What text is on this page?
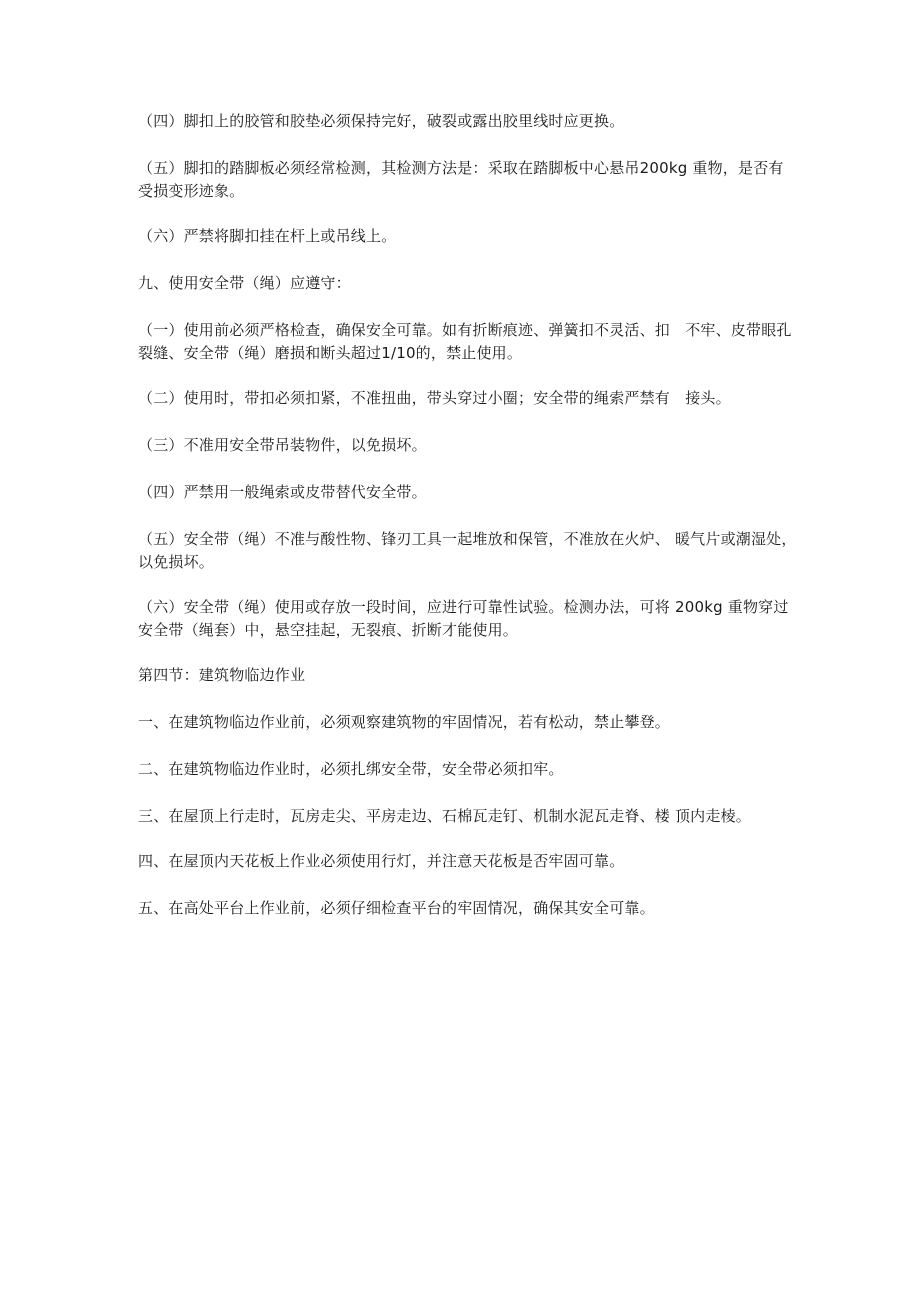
（四）脚扣上的胶管和胶垫必须保持完好，破裂或露出胶里线时应更换。

（五）脚扣的踏脚板必须经常检测，其检测方法是：采取在踏脚板中心悬吊200kg 重物，是否有受损变形迹象。

（六）严禁将脚扣挂在杆上或吊线上。

九、使用安全带（绳）应遵守：

（一）使用前必须严格检查，确保安全可靠。如有折断痕迹、弹簧扣不灵活、扣　不牢、皮带眼孔裂缝、安全带（绳）磨损和断头超过1/10的，禁止使用。

（二）使用时，带扣必须扣紧，不准扭曲，带头穿过小圈；安全带的绳索严禁有　接头。

（三）不准用安全带吊装物件，以免损坏。

（四）严禁用一般绳索或皮带替代安全带。

（五）安全带（绳）不准与酸性物、锋刃工具一起堆放和保管，不准放在火炉、 暖气片或潮湿处，以免损坏。

（六）安全带（绳）使用或存放一段时间，应进行可靠性试验。检测办法，可将 200kg 重物穿过安全带（绳套）中，悬空挂起，无裂痕、折断才能使用。

第四节：建筑物临边作业

一、在建筑物临边作业前，必须观察建筑物的牢固情况，若有松动，禁止攀登。

二、在建筑物临边作业时，必须扎绑安全带，安全带必须扣牢。

三、在屋顶上行走时，瓦房走尖、平房走边、石棉瓦走钉、机制水泥瓦走脊、楼 顶内走棱。

四、在屋顶内天花板上作业必须使用行灯，并注意天花板是否牢固可靠。

五、在高处平台上作业前，必须仔细检查平台的牢固情况，确保其安全可靠。
